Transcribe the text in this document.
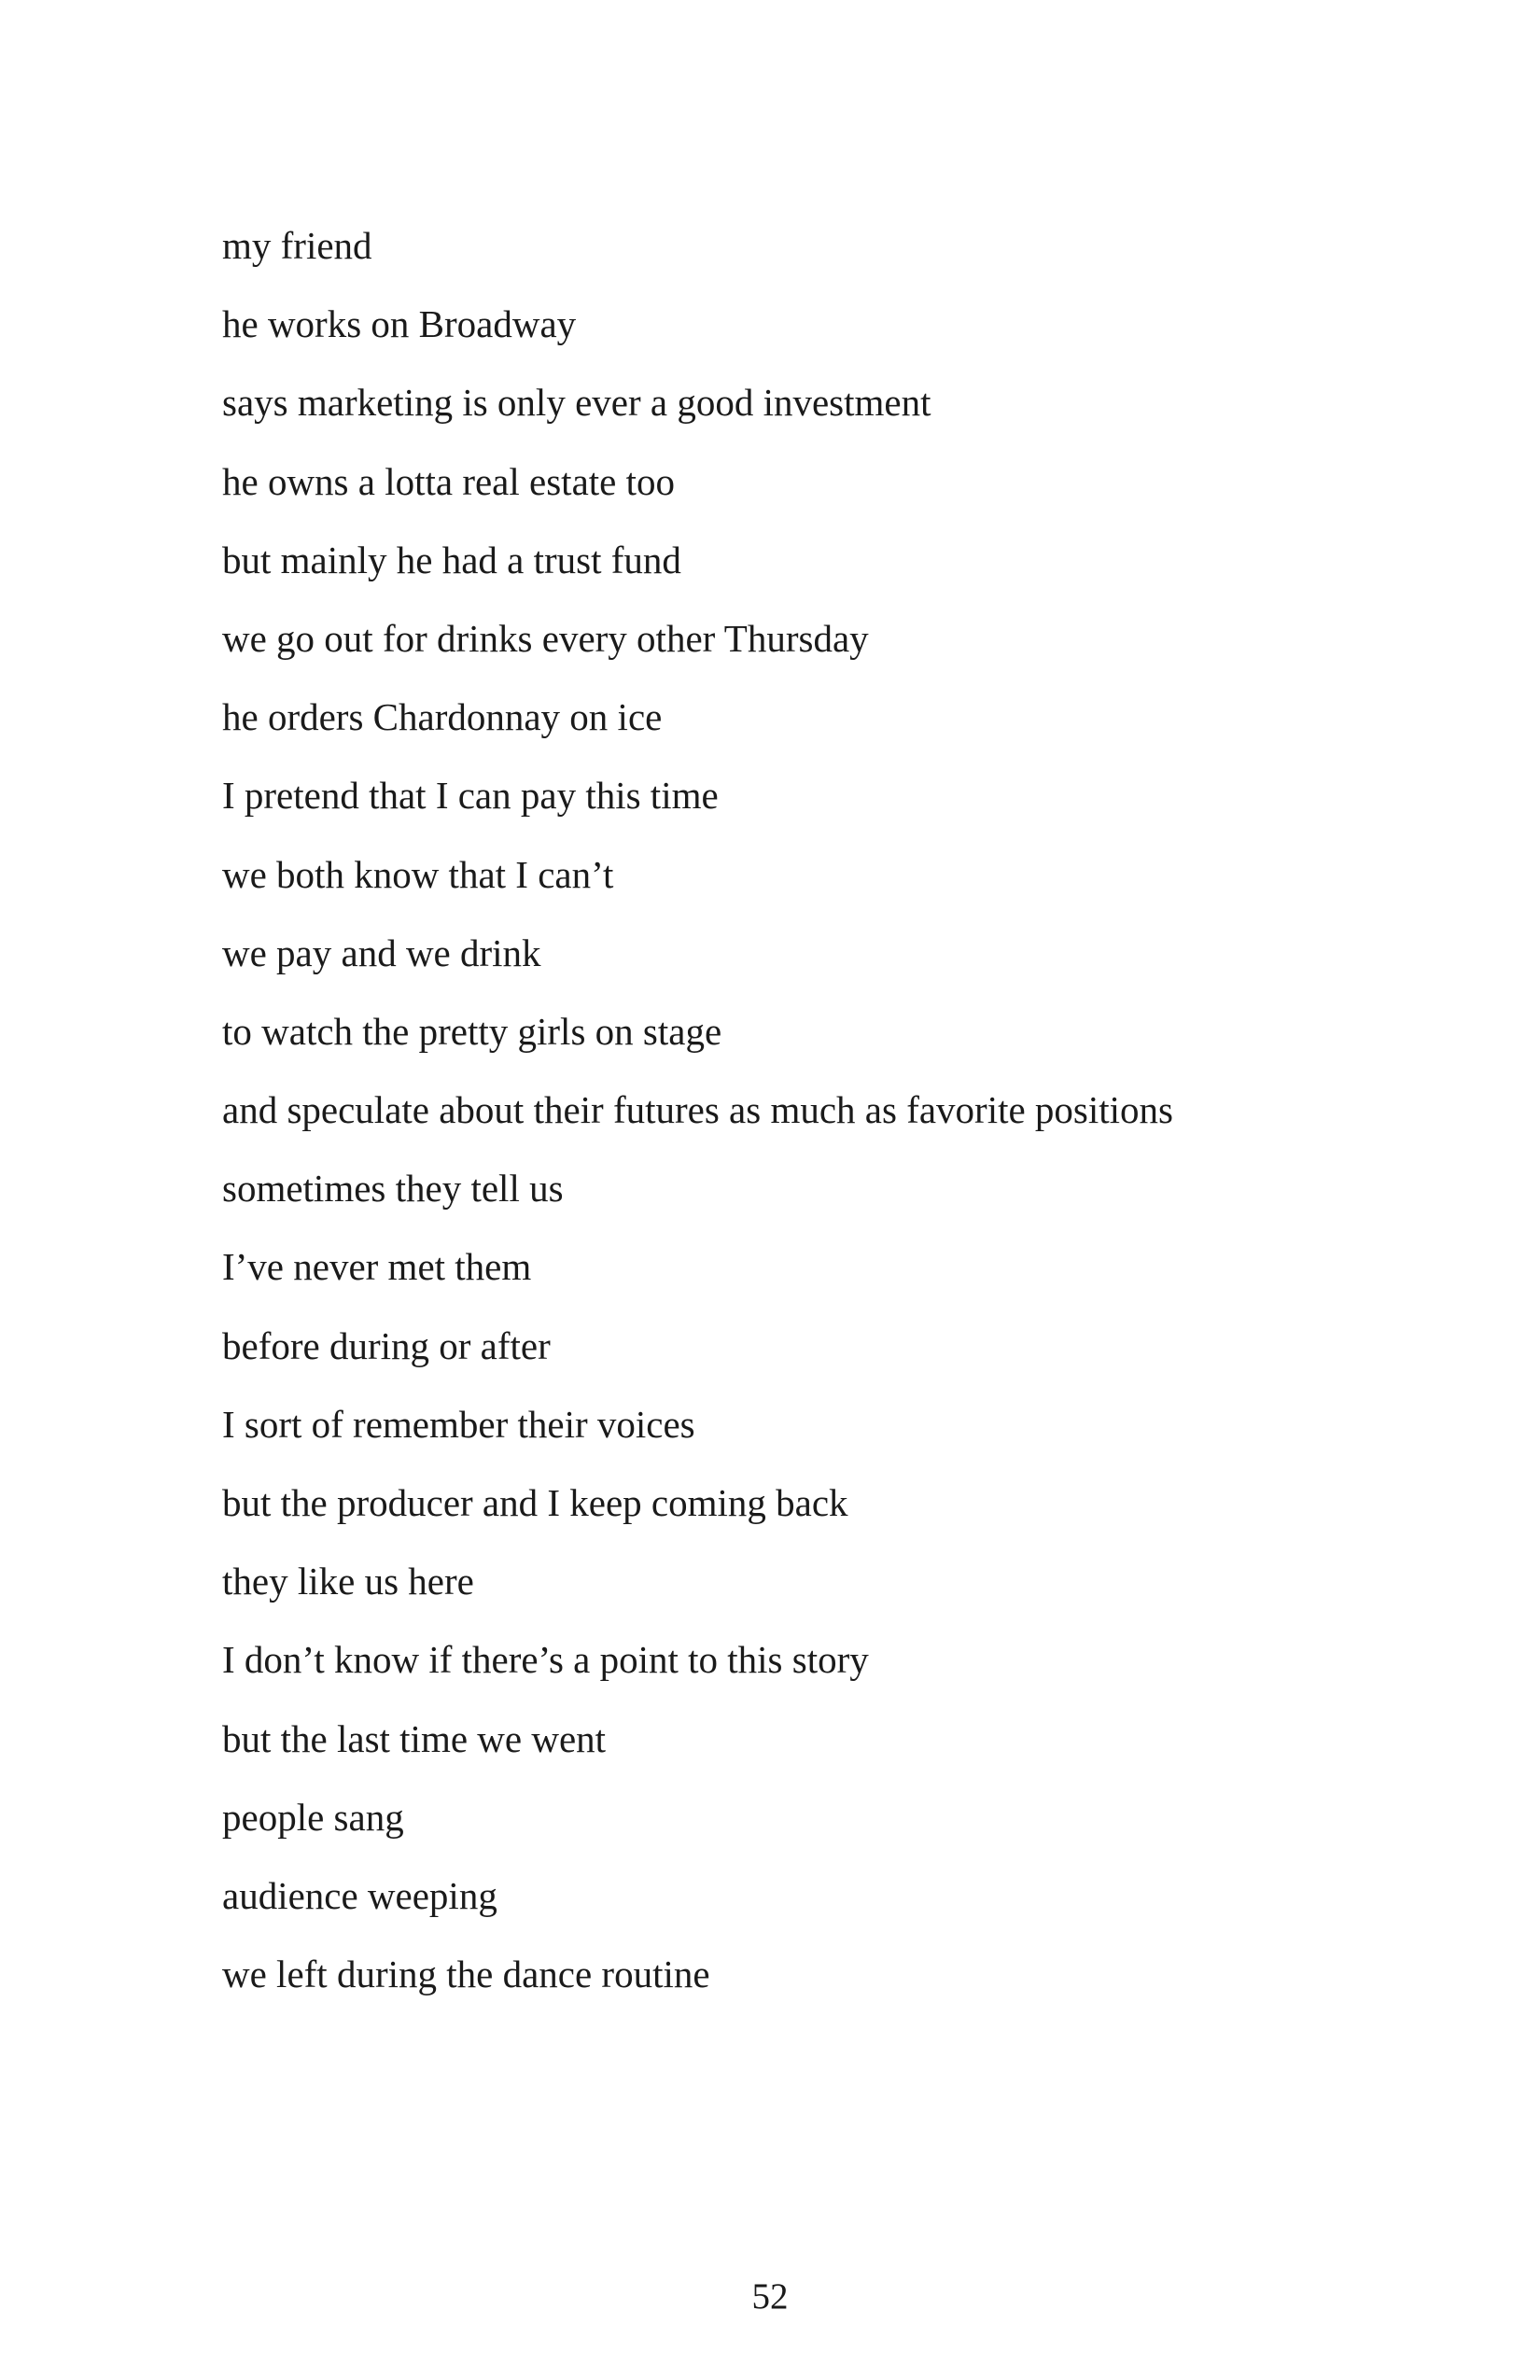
my friend
he works on Broadway
says marketing is only ever a good investment
he owns a lotta real estate too
but mainly he had a trust fund
we go out for drinks every other Thursday
he orders Chardonnay on ice
I pretend that I can pay this time
we both know that I can’t
we pay and we drink
to watch the pretty girls on stage
and speculate about their futures as much as favorite positions
sometimes they tell us
I’ve never met them
before during or after
I sort of remember their voices
but the producer and I keep coming back
they like us here
I don’t know if there’s a point to this story
but the last time we went
people sang
audience weeping
we left during the dance routine
52
